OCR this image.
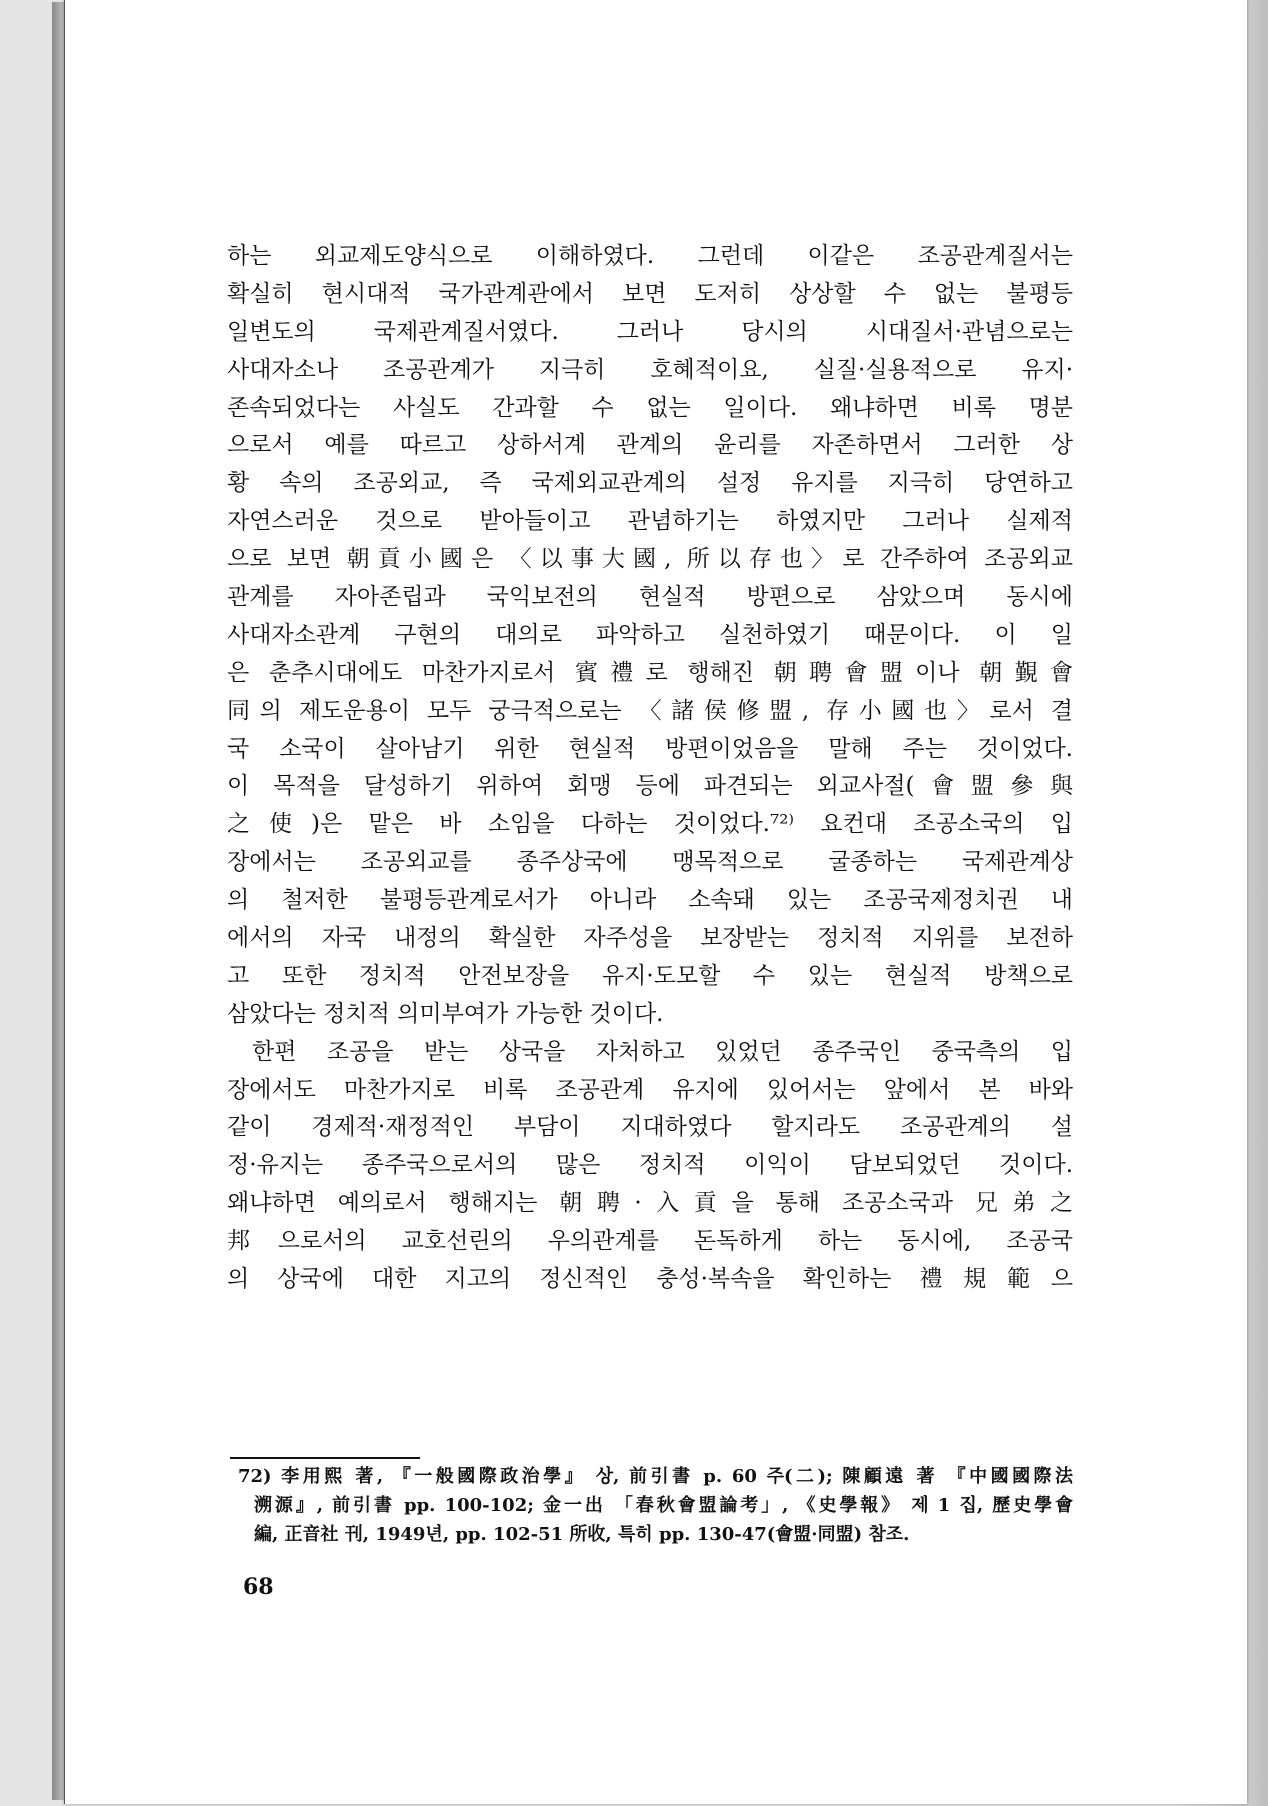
하는 외교제도양식으로 이해하였다. 그런데 이같은 조공관계질서는
확실히 현시대적 국가관계관에서 보면 도저히 상상할 수 없는 불평등
일변도의 국제관계질서였다. 그러나 당시의 시대질서·관념으로는
사대자소나 조공관계가 지극히 호혜적이요, 실질·실용적으로 유지·
존속되었다는 사실도 간과할 수 없는 일이다. 왜냐하면 비록 명분
으로서 예를 따르고 상하서계 관계의 윤리를 자존하면서 그러한 상
황 속의 조공외교, 즉 국제외교관계의 설정 유지를 지극히 당연하고
자연스러운 것으로 받아들이고 관념하기는 하였지만 그러나 실제적
으로 보면 朝貢小國은 〈以事大國, 所以存也〉로 간주하여 조공외교
관계를 자아존립과 국익보전의 현실적 방편으로 삼았으며 동시에
사대자소관계 구현의 대의로 파악하고 실천하였기 때문이다. 이 일
은 춘추시대에도 마찬가지로서 賓禮로 행해진 朝聘會盟이나 朝覲會
同의 제도운용이 모두 궁극적으로는 〈諸侯修盟, 存小國也〉로서 결
국 소국이 살아남기 위한 현실적 방편이었음을 말해 주는 것이었다.
이 목적을 달성하기 위하여 회맹 등에 파견되는 외교사절(會盟參與
之使)은 맡은 바 소임을 다하는 것이었다.⁷²⁾ 요컨대 조공소국의 입
장에서는 조공외교를 종주상국에 맹목적으로 굴종하는 국제관계상
의 철저한 불평등관계로서가 아니라 소속돼 있는 조공국제정치권 내
에서의 자국 내정의 확실한 자주성을 보장받는 정치적 지위를 보전하
고 또한 정치적 안전보장을 유지·도모할 수 있는 현실적 방책으로
삼았다는 정치적 의미부여가 가능한 것이다.
한편 조공을 받는 상국을 자처하고 있었던 종주국인 중국측의 입
장에서도 마찬가지로 비록 조공관계 유지에 있어서는 앞에서 본 바와
같이 경제적·재정적인 부담이 지대하였다 할지라도 조공관계의 설
정·유지는 종주국으로서의 많은 정치적 이익이 담보되었던 것이다.
왜냐하면 예의로서 행해지는 朝聘·入貢을 통해 조공소국과 兄弟之
邦으로서의 교호선린의 우의관계를 돈독하게 하는 동시에, 조공국
의 상국에 대한 지고의 정신적인 충성·복속을 확인하는 禮規範으
72) 李用熙 著, 『一般國際政治學』 상, 前引書 p. 60 주(二); 陳顧遠 著 『中國國際法
溯源』, 前引書 pp. 100-102; 金一出 「春秋會盟論考」, 《史學報》 제 1 집, 歷史學會
編, 正音社 刊, 1949년, pp. 102-51 所收, 특히 pp. 130-47(會盟·同盟) 참조.
68
